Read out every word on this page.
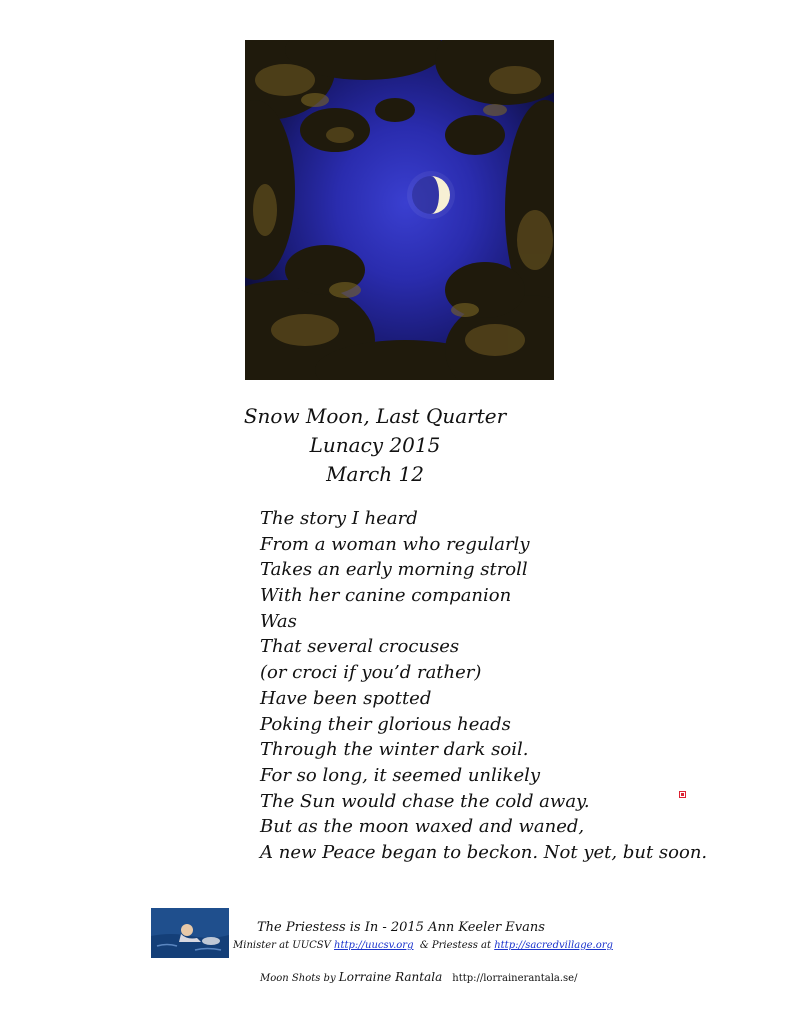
Snow Moon, Last Quarter
Lunacy 2015
March 12
The story I heard
From a woman who regularly
Takes an early morning stroll
With her canine companion
Was
That several crocuses
(or croci if you’d rather)
Have been spotted
Poking their glorious heads
Through the winter dark soil.
For so long, it seemed unlikely
The Sun would chase the cold away.
But as the moon waxed and waned,
A new Peace began to beckon. Not yet, but soon.
The Priestess is In - 2015 Ann Keeler Evans
Minister at UUCSV http://uucsv.org  & Priestess at http://sacredvillage.org
Moon Shots by Lorraine Rantala http://lorrainerantala.se/
